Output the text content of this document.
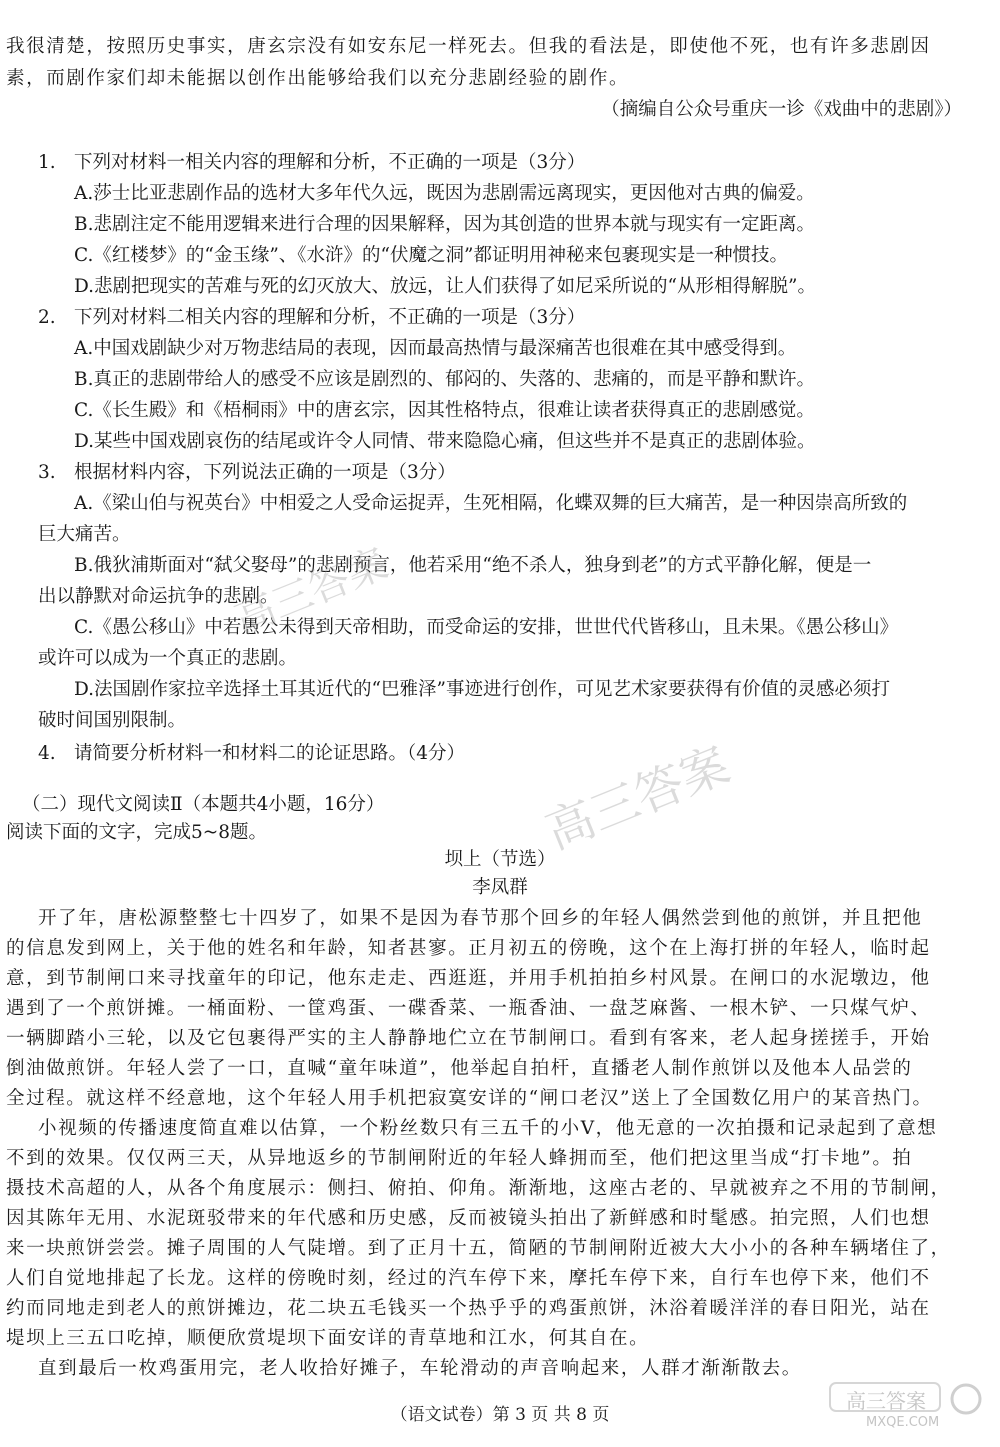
我很清楚，按照历史事实，唐玄宗没有如安东尼一样死去。但我的看法是，即使他不死，也有许多悲剧因
素，而剧作家们却未能据以创作出能够给我们以充分悲剧经验的剧作。
（摘编自公众号重庆一诊《戏曲中的悲剧》）
1. 下列对材料一相关内容的理解和分析，不正确的一项是（3分）
A.莎士比亚悲剧作品的选材大多年代久远，既因为悲剧需远离现实，更因他对古典的偏爱。
B.悲剧注定不能用逻辑来进行合理的因果解释，因为其创造的世界本就与现实有一定距离。
C.《红楼梦》的“金玉缘”、《水浒》的“伏魔之洞”都证明用神秘来包裹现实是一种惯技。
D.悲剧把现实的苦难与死的幻灭放大、放远，让人们获得了如尼采所说的“从形相得解脱”。
2. 下列对材料二相关内容的理解和分析，不正确的一项是（3分）
A.中国戏剧缺少对万物悲结局的表现，因而最高热情与最深痛苦也很难在其中感受得到。
B.真正的悲剧带给人的感受不应该是剧烈的、郁闷的、失落的、悲痛的，而是平静和默许。
C.《长生殿》和《梧桐雨》中的唐玄宗，因其性格特点，很难让读者获得真正的悲剧感觉。
D.某些中国戏剧哀伤的结尾或许令人同情、带来隐隐心痛，但这些并不是真正的悲剧体验。
3. 根据材料内容，下列说法正确的一项是（3分）
A.《梁山伯与祝英台》中相爱之人受命运捉弄，生死相隔，化蝶双舞的巨大痛苦，是一种因崇高所致的
巨大痛苦。
B.俄狄浦斯面对“弑父娶母”的悲剧预言，他若采用“绝不杀人，独身到老”的方式平静化解，便是一
出以静默对命运抗争的悲剧。
C.《愚公移山》中若愚公未得到天帝相助，而受命运的安排，世世代代皆移山，且未果。《愚公移山》
或许可以成为一个真正的悲剧。
D.法国剧作家拉辛选择土耳其近代的“巴雅泽”事迹进行创作，可见艺术家要获得有价值的灵感必须打
破时间国别限制。
4. 请简要分析材料一和材料二的论证思路。（4分）
（二）现代文阅读Ⅱ（本题共4小题，16分）
阅读下面的文字，完成5~8题。
坝上（节选）
李凤群
开了年，唐松源整整七十四岁了，如果不是因为春节那个回乡的年轻人偶然尝到他的煎饼，并且把他
的信息发到网上，关于他的姓名和年龄，知者甚寥。正月初五的傍晚，这个在上海打拼的年轻人，临时起
意，到节制闸口来寻找童年的印记，他东走走、西逛逛，并用手机拍拍乡村风景。在闸口的水泥墩边，他
遇到了一个煎饼摊。一桶面粉、一筐鸡蛋、一碟香菜、一瓶香油、一盘芝麻酱、一根木铲、一只煤气炉、
一辆脚踏小三轮，以及它包裹得严实的主人静静地伫立在节制闸口。看到有客来，老人起身搓搓手，开始
倒油做煎饼。年轻人尝了一口，直喊“童年味道”，他举起自拍杆，直播老人制作煎饼以及他本人品尝的
全过程。就这样不经意地，这个年轻人用手机把寂寞安详的“闸口老汉”送上了全国数亿用户的某音热门。
小视频的传播速度简直难以估算，一个粉丝数只有三五千的小V，他无意的一次拍摄和记录起到了意想
不到的效果。仅仅两三天，从异地返乡的节制闸附近的年轻人蜂拥而至，他们把这里当成“打卡地”。拍
摄技术高超的人，从各个角度展示：侧扫、俯拍、仰角。渐渐地，这座古老的、早就被弃之不用的节制闸，
因其陈年无用、水泥斑驳带来的年代感和历史感，反而被镜头拍出了新鲜感和时髦感。拍完照，人们也想
来一块煎饼尝尝。摊子周围的人气陡增。到了正月十五，简陋的节制闸附近被大大小小的各种车辆堵住了，
人们自觉地排起了长龙。这样的傍晚时刻，经过的汽车停下来，摩托车停下来，自行车也停下来，他们不
约而同地走到老人的煎饼摊边，花二块五毛钱买一个热乎乎的鸡蛋煎饼，沐浴着暖洋洋的春日阳光，站在
堤坝上三五口吃掉，顺便欣赏堤坝下面安详的青草地和江水，何其自在。
直到最后一枚鸡蛋用完，老人收拾好摊子，车轮滑动的声音响起来，人群才渐渐散去。
高三答案
高三答案
（语文试卷）第 3 页 共 8 页
高三答案
MXQE.COM
